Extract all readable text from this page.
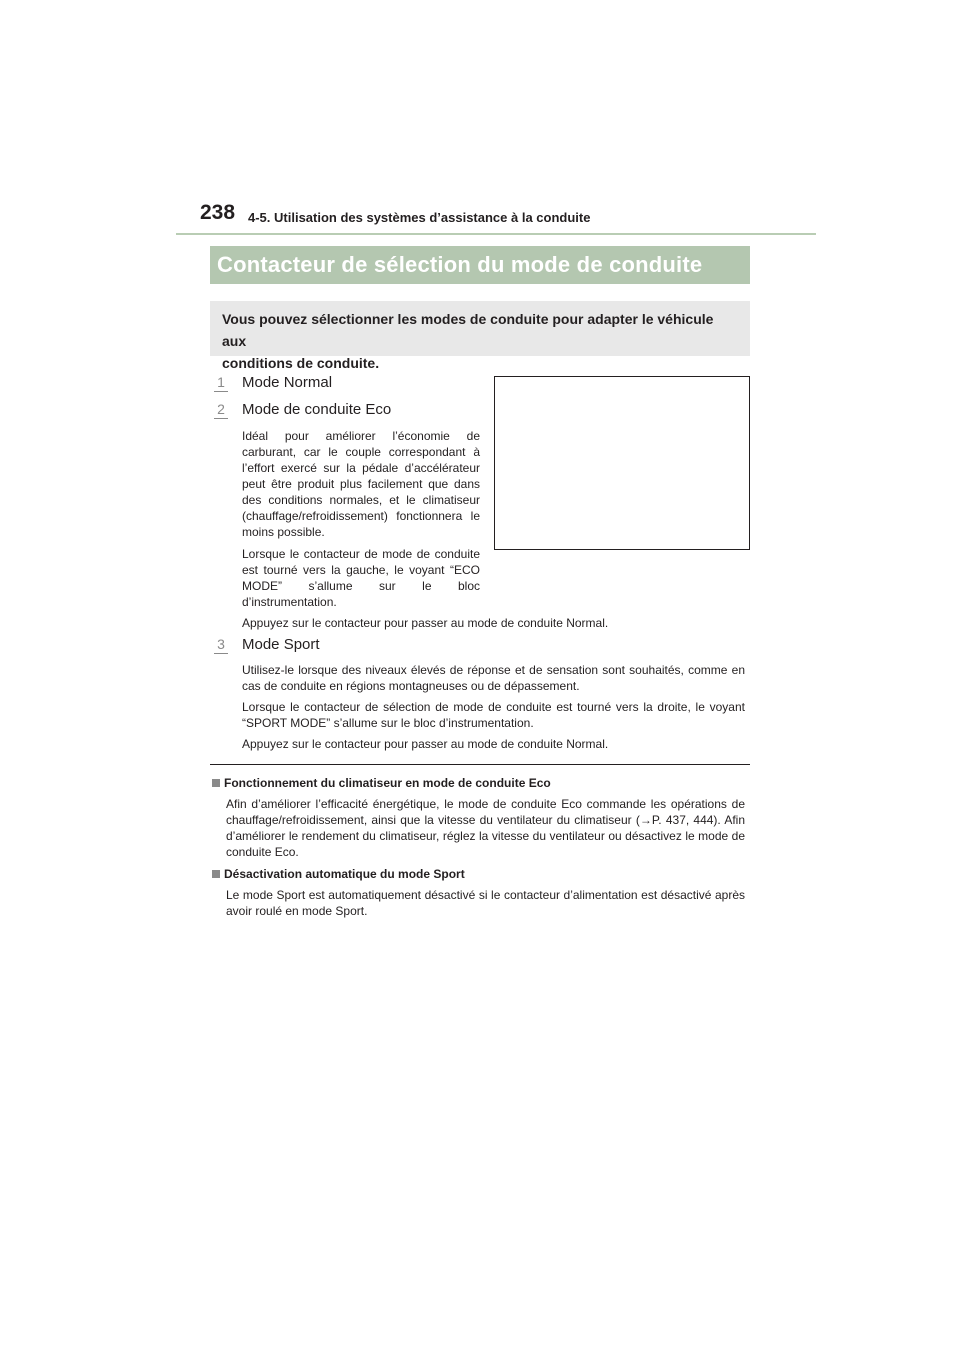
238 4-5. Utilisation des systèmes d’assistance à la conduite
Contacteur de sélection du mode de conduite
Vous pouvez sélectionner les modes de conduite pour adapter le véhicule aux
conditions de conduite.
1 Mode Normal
2 Mode de conduite Eco
Idéal pour améliorer l’économie de carburant, car le couple correspondant à l’effort exercé sur la pédale d’accélérateur peut être produit plus facilement que dans des conditions normales, et le climatiseur (chauffage/refroidissement) fonctionnera le moins possible.
Lorsque le contacteur de mode de conduite est tourné vers la gauche, le voyant “ECO MODE” s’allume sur le bloc d’instrumentation.
Appuyez sur le contacteur pour passer au mode de conduite Normal.
3 Mode Sport
Utilisez-le lorsque des niveaux élevés de réponse et de sensation sont souhaités, comme en cas de conduite en régions montagneuses ou de dépassement.
Lorsque le contacteur de sélection de mode de conduite est tourné vers la droite, le voyant “SPORT MODE” s’allume sur le bloc d’instrumentation.
Appuyez sur le contacteur pour passer au mode de conduite Normal.
Fonctionnement du climatiseur en mode de conduite Eco
Afin d’améliorer l’efficacité énergétique, le mode de conduite Eco commande les opérations de chauffage/refroidissement, ainsi que la vitesse du ventilateur du climatiseur (→P. 437, 444). Afin d’améliorer le rendement du climatiseur, réglez la vitesse du ventilateur ou désactivez le mode de conduite Eco.
Désactivation automatique du mode Sport
Le mode Sport est automatiquement désactivé si le contacteur d’alimentation est désactivé après avoir roulé en mode Sport.
